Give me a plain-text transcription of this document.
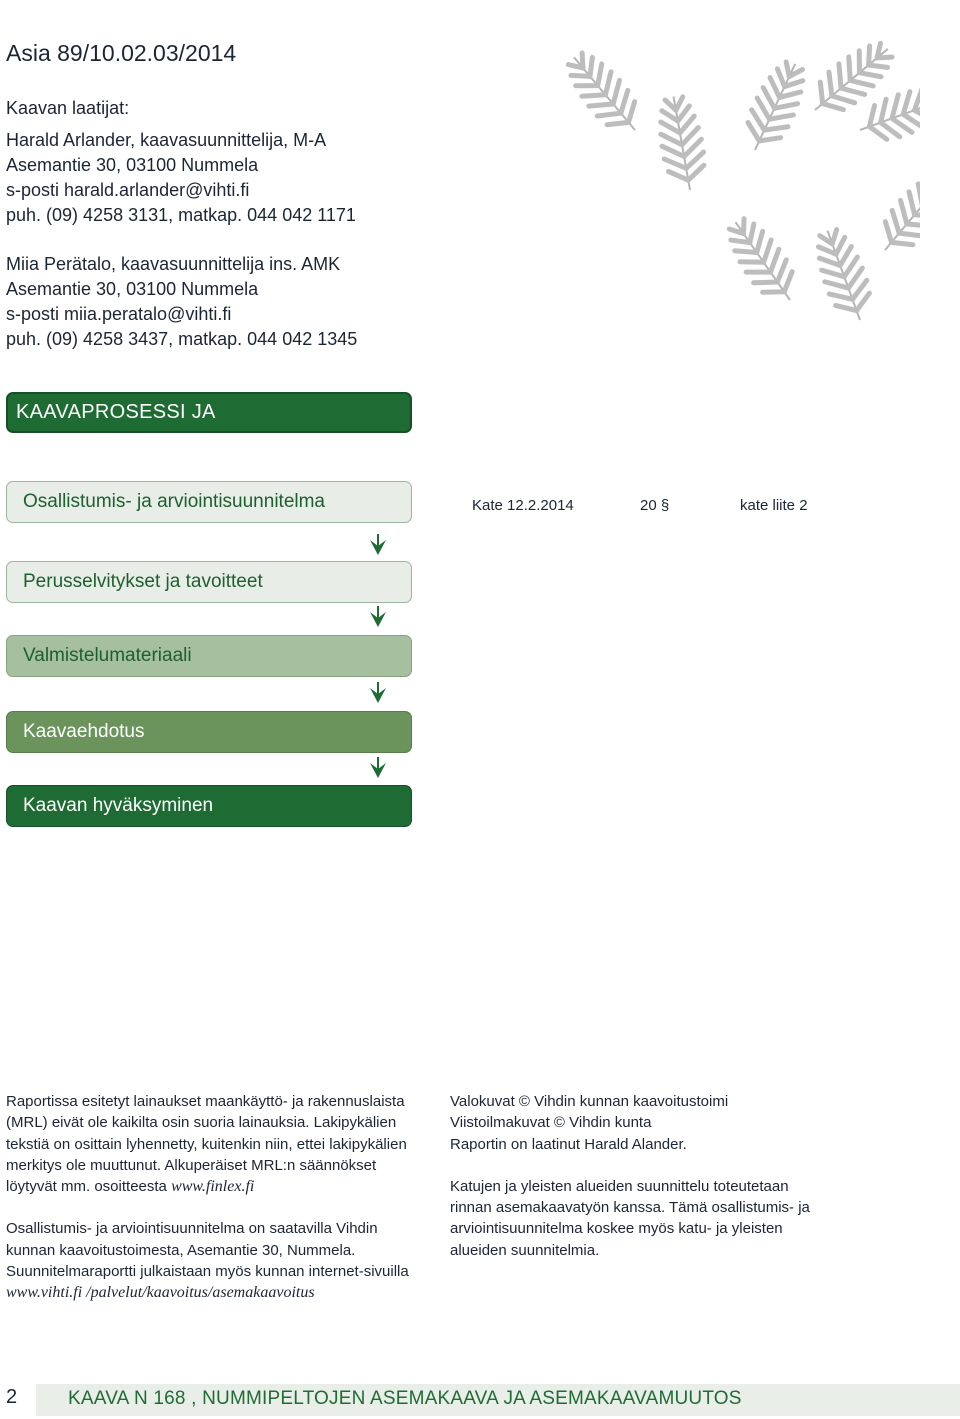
Asia 89/10.02.03/2014
Kaavan laatijat:
Harald Arlander, kaavasuunnittelija, M-A
Asemantie 30, 03100 Nummela
s-posti harald.arlander@vihti.fi
puh. (09) 4258 3131, matkap. 044 042 1171
Miia Perätalo, kaavasuunnittelija ins. AMK
Asemantie 30, 03100 Nummela
s-posti miia.peratalo@vihti.fi
puh. (09) 4258 3437, matkap. 044 042 1345
KAAVAPROSESSI JA KÄSITTELYVAIHEET:
Osallistumis- ja arviointisuunnitelma	Kate 12.2.2014	20 §	kate liite 2
Perusselvitykset ja tavoitteet
Valmistelumateriaali
Kaavaehdotus
Kaavan hyväksyminen

Raportissa esitetyt lainaukset maankäyttö- ja rakennuslaista (MRL) eivät ole kaikilta osin suoria lainauksia. Lakipykälien tekstiä on osittain lyhennetty, kuitenkin niin, ettei lakipykälien merkitys ole muuttunut. Alkuperäiset MRL:n säännökset löytyvät mm. osoitteesta www.finlex.fi

Osallistumis- ja arviointisuunnitelma on saatavilla Vihdin kunnan kaavoitustoimesta, Asemantie 30, Nummela. Suunnitelmaraportti julkaistaan myös kunnan internet-sivuilla
www.vihti.fi /palvelut/kaavoitus/asemakaavoitus

Valokuvat © Vihdin kunnan kaavoitustoimi
Viistoilmakuvat © Vihdin kunta
Raportin on laatinut Harald Alander.

Katujen ja yleisten alueiden suunnittelu toteutetaan rinnan asemakaavatyön kanssa. Tämä osallistumis- ja arviointisuunnitelma koskee myös katu- ja yleisten alueiden suunnitelmia.

2	KAAVA N 168 , NUMMIPELTOJEN ASEMAKAAVA JA ASEMAKAAVAMUUTOS
